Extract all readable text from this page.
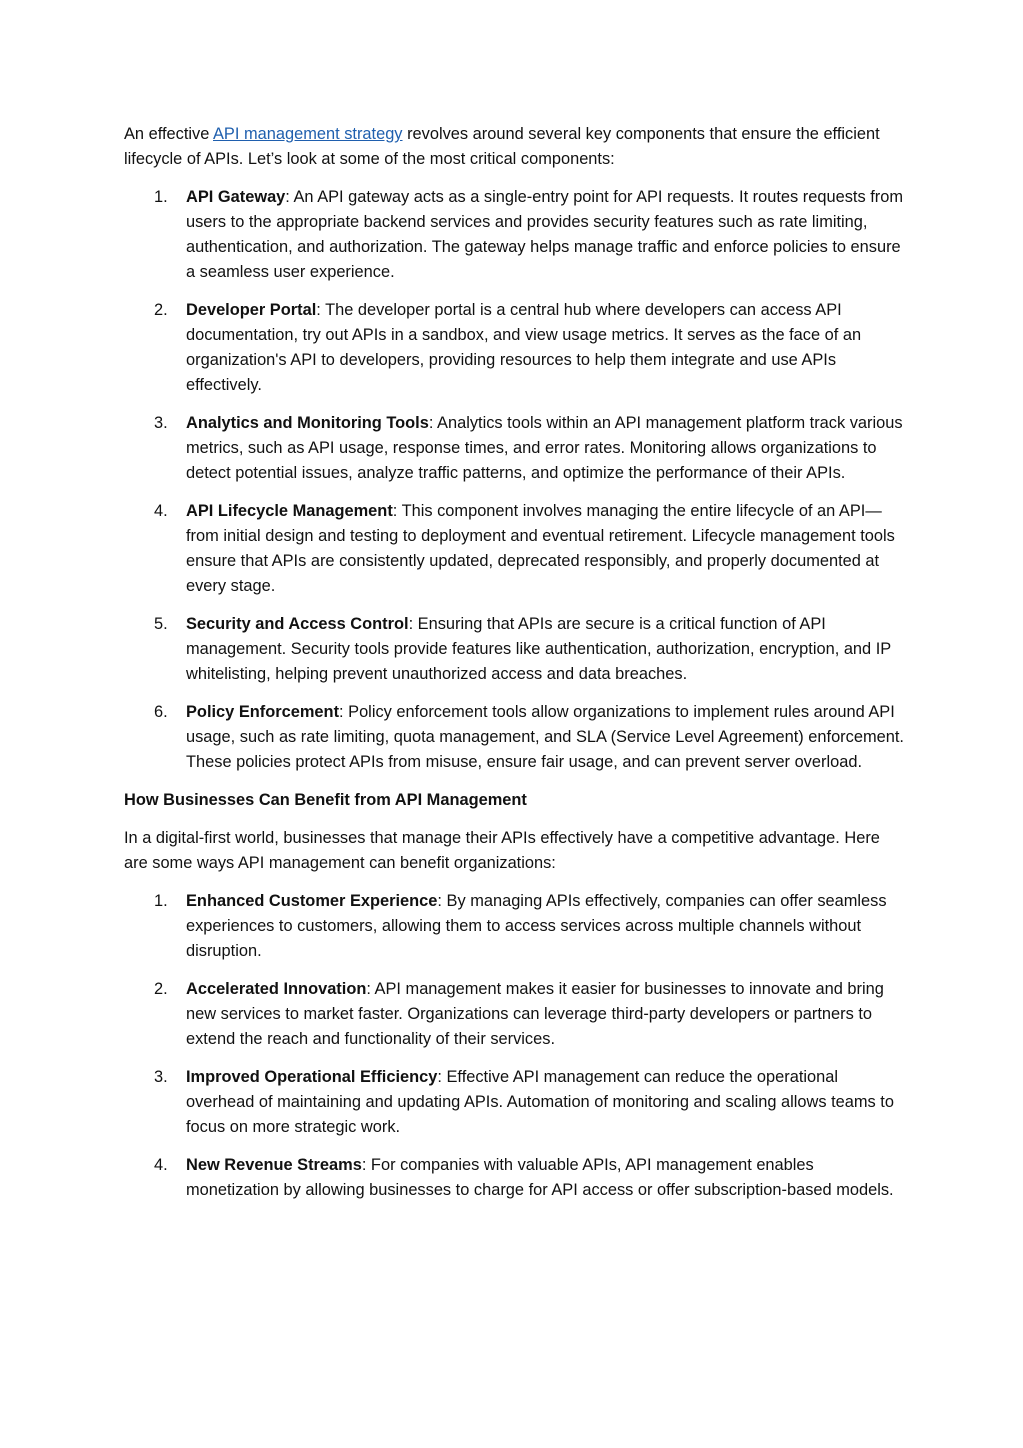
An effective API management strategy revolves around several key components that ensure the efficient lifecycle of APIs. Let’s look at some of the most critical components:

1. API Gateway: An API gateway acts as a single-entry point for API requests. It routes requests from users to the appropriate backend services and provides security features such as rate limiting, authentication, and authorization. The gateway helps manage traffic and enforce policies to ensure a seamless user experience.
2. Developer Portal: The developer portal is a central hub where developers can access API documentation, try out APIs in a sandbox, and view usage metrics. It serves as the face of an organization's API to developers, providing resources to help them integrate and use APIs effectively.
3. Analytics and Monitoring Tools: Analytics tools within an API management platform track various metrics, such as API usage, response times, and error rates. Monitoring allows organizations to detect potential issues, analyze traffic patterns, and optimize the performance of their APIs.
4. API Lifecycle Management: This component involves managing the entire lifecycle of an API—from initial design and testing to deployment and eventual retirement. Lifecycle management tools ensure that APIs are consistently updated, deprecated responsibly, and properly documented at every stage.
5. Security and Access Control: Ensuring that APIs are secure is a critical function of API management. Security tools provide features like authentication, authorization, encryption, and IP whitelisting, helping prevent unauthorized access and data breaches.
6. Policy Enforcement: Policy enforcement tools allow organizations to implement rules around API usage, such as rate limiting, quota management, and SLA (Service Level Agreement) enforcement. These policies protect APIs from misuse, ensure fair usage, and can prevent server overload.

How Businesses Can Benefit from API Management

In a digital-first world, businesses that manage their APIs effectively have a competitive advantage. Here are some ways API management can benefit organizations:

1. Enhanced Customer Experience: By managing APIs effectively, companies can offer seamless experiences to customers, allowing them to access services across multiple channels without disruption.
2. Accelerated Innovation: API management makes it easier for businesses to innovate and bring new services to market faster. Organizations can leverage third-party developers or partners to extend the reach and functionality of their services.
3. Improved Operational Efficiency: Effective API management can reduce the operational overhead of maintaining and updating APIs. Automation of monitoring and scaling allows teams to focus on more strategic work.
4. New Revenue Streams: For companies with valuable APIs, API management enables monetization by allowing businesses to charge for API access or offer subscription-based models.
